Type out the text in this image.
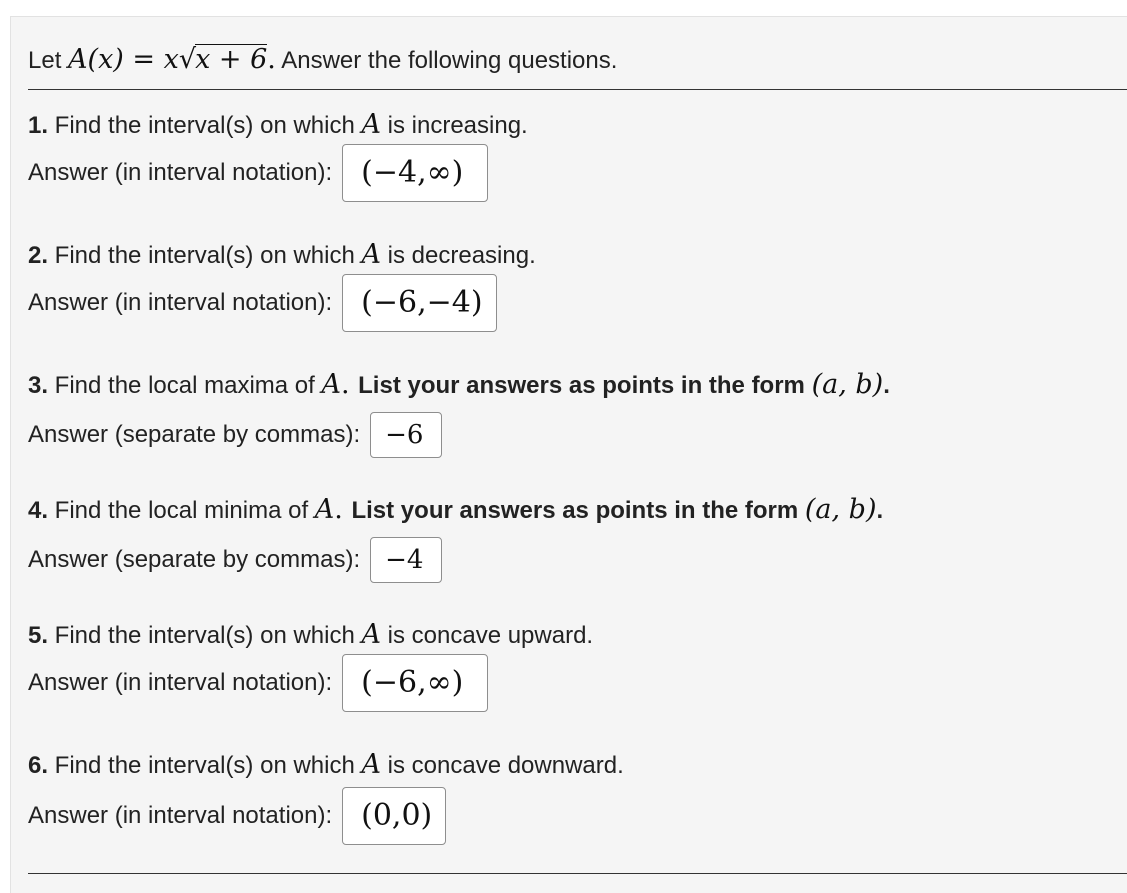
Let A(x) = x√x + 6. Answer the following questions.
1. Find the interval(s) on which A is increasing.
Answer (in interval notation): (−4,∞)
2. Find the interval(s) on which A is decreasing.
Answer (in interval notation): (−6,−4)
3. Find the local maxima of A. List your answers as points in the form (a, b).
Answer (separate by commas): −6
4. Find the local minima of A. List your answers as points in the form (a, b).
Answer (separate by commas): −4
5. Find the interval(s) on which A is concave upward.
Answer (in interval notation): (−6,∞)
6. Find the interval(s) on which A is concave downward.
Answer (in interval notation): (0,0)
